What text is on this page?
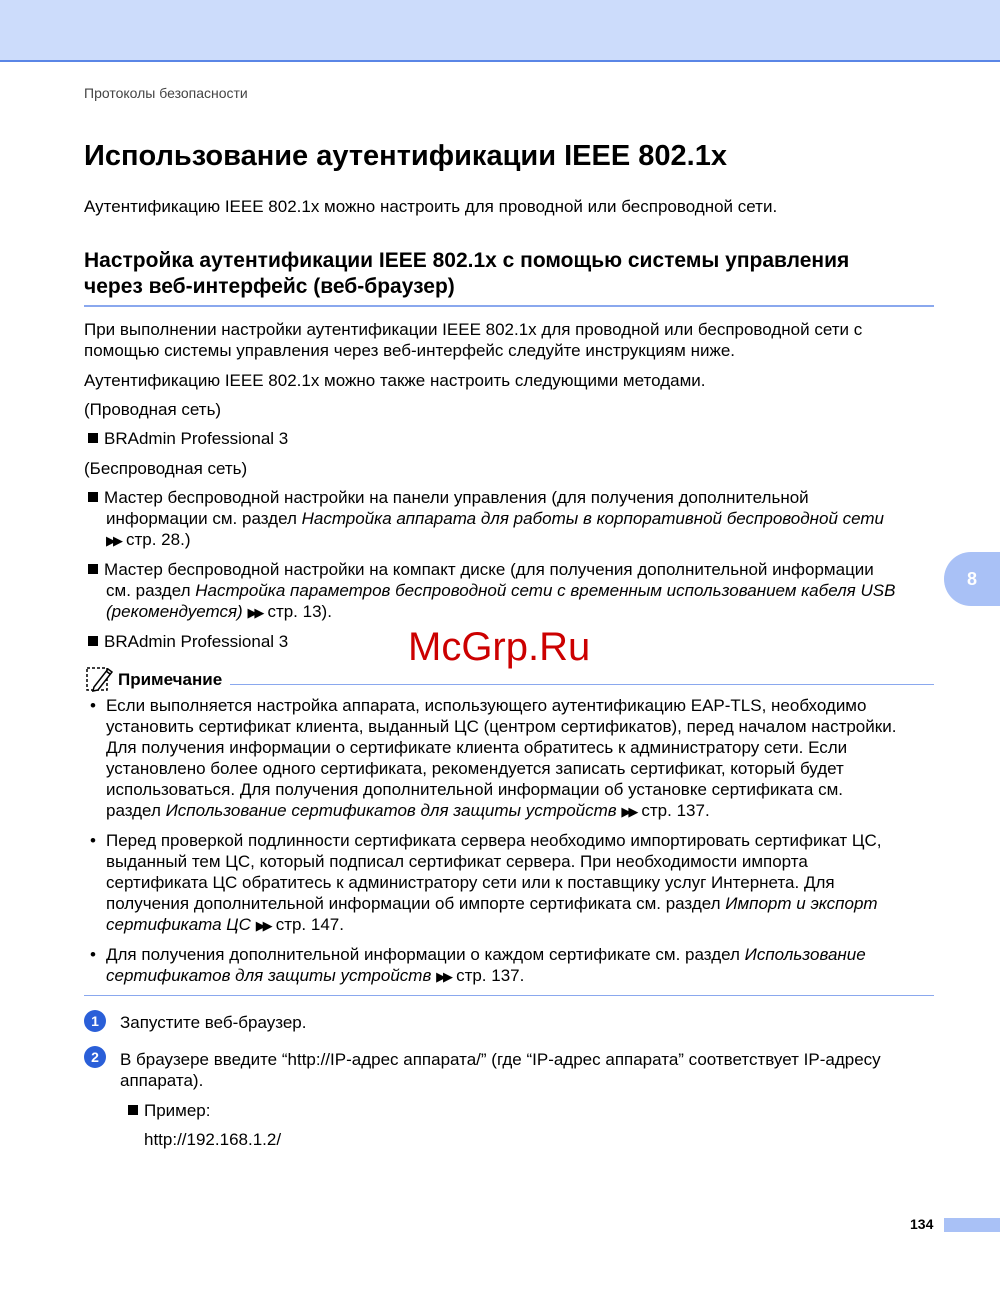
Протоколы безопасности
Использование аутентификации IEEE 802.1x

Аутентификацию IEEE 802.1x можно настроить для проводной или беспроводной сети.

Настройка аутентификации IEEE 802.1x с помощью системы управления
через веб-интерфейс (веб-браузер)

При выполнении настройки аутентификации IEEE 802.1x для проводной или беспроводной сети с
помощью системы управления через веб-интерфейс следуйте инструкциям ниже.

Аутентификацию IEEE 802.1x можно также настроить следующими методами.

(Проводная сеть)

BRAdmin Professional 3

(Беспроводная сеть)

Мастер беспроводной настройки на панели управления (для получения дополнительной
информации см. раздел Настройка аппарата для работы в корпоративной беспроводной сети
▶▶ стр. 28.)
Мастер беспроводной настройки на компакт диске (для получения дополнительной информации
см. раздел Настройка параметров беспроводной сети с временным использованием кабеля USB
(рекомендуется) ▶▶ стр. 13).
BRAdmin Professional 3
8
McGrp.Ru
Примечание
• Если выполняется настройка аппарата, использующего аутентификацию EAP-TLS, необходимо
установить сертификат клиента, выданный ЦС (центром сертификатов), перед началом настройки.
Для получения информации о сертификате клиента обратитесь к администратору сети. Если
установлено более одного сертификата, рекомендуется записать сертификат, который будет
использоваться. Для получения дополнительной информации об установке сертификата см.
раздел Использование сертификатов для защиты устройств ▶▶ стр. 137.
• Перед проверкой подлинности сертификата сервера необходимо импортировать сертификат ЦС,
выданный тем ЦС, который подписал сертификат сервера. При необходимости импорта
сертификата ЦС обратитесь к администратору сети или к поставщику услуг Интернета. Для
получения дополнительной информации об импорте сертификата см. раздел Импорт и экспорт
сертификата ЦС ▶▶ стр. 147.
• Для получения дополнительной информации о каждом сертификате см. раздел Использование
сертификатов для защиты устройств ▶▶ стр. 137.
1	Запустите веб-браузер.
2	В браузере введите “http://IP-адрес аппарата/” (где “IP-адрес аппарата” соответствует IP-адресу
аппарата).
Пример:
http://192.168.1.2/
134
